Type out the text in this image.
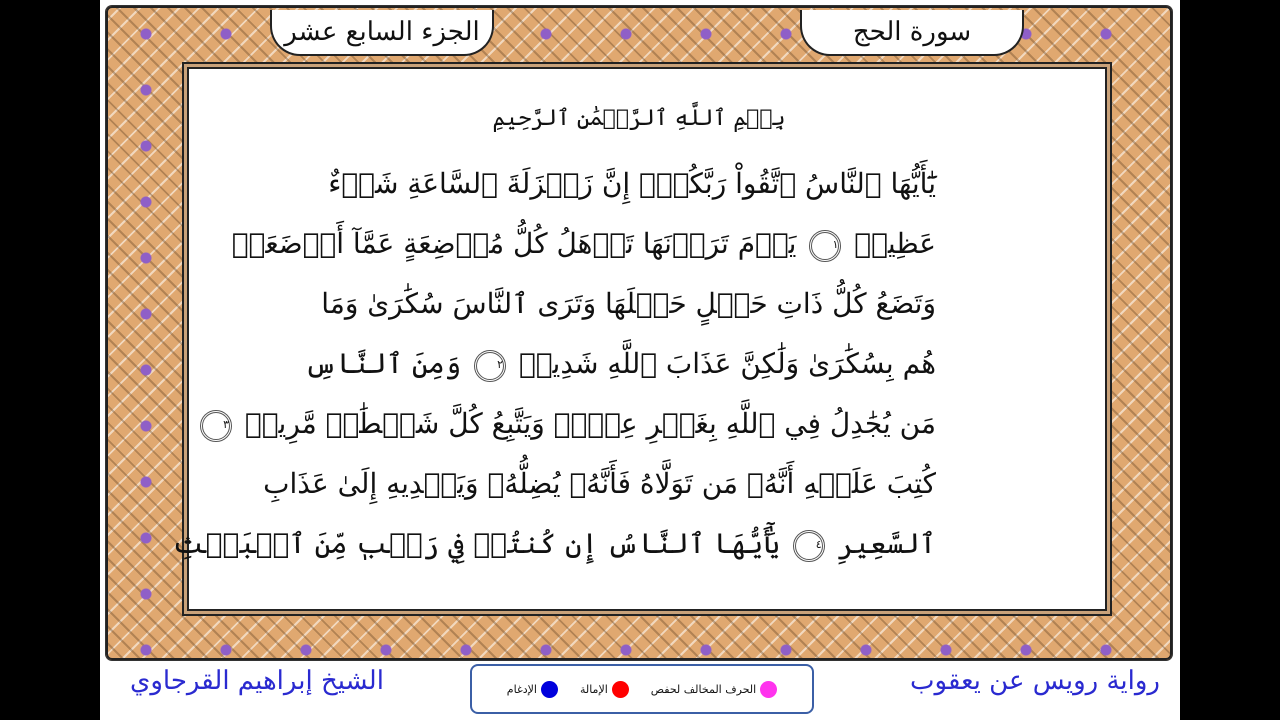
الجزء السابع عشر	سورة الحج
بِسۡمِ ٱللَّهِ ٱلرَّحۡمَٰنِ ٱلرَّحِيمِ
يَٰٓأَيُّهَا ٱلنَّاسُ ٱتَّقُواْ رَبَّكُمۡۚ إِنَّ زَلۡزَلَةَ ٱلسَّاعَةِ شَيۡءٌ
عَظِيمٞ ١ يَوۡمَ تَرَوۡنَهَا تَذۡهَلُ كُلُّ مُرۡضِعَةٍ عَمَّآ أَرۡضَعَتۡ
وَتَضَعُ كُلُّ ذَاتِ حَمۡلٍ حَمۡلَهَا وَتَرَى ٱلنَّاسَ سُكَٰرَىٰ وَمَا
هُم بِسُكَٰرَىٰ وَلَٰكِنَّ عَذَابَ ٱللَّهِ شَدِيدٞ ٢ وَمِنَ ٱلنَّاسِ
مَن يُجَٰدِلُ فِي ٱللَّهِ بِغَيۡرِ عِلۡمٖ وَيَتَّبِعُ كُلَّ شَيۡطَٰنٖ مَّرِيدٖ ٣
كُتِبَ عَلَيۡهِ أَنَّهُۥ مَن تَوَلَّاهُ فَأَنَّهُۥ يُضِلُّهُۥ وَيَهۡدِيهِ إِلَىٰ عَذَابِ
ٱلسَّعِيرِ ٤ يَٰٓأَيُّهَا ٱلنَّاسُ إِن كُنتُمۡ فِي رَيۡبٖ مِّنَ ٱلۡبَعۡثِ
الحرف المخالف لحفص
الإمالة
الإدغام
الشيخ إبراهيم القرجاوي	رواية رويس عن يعقوب
